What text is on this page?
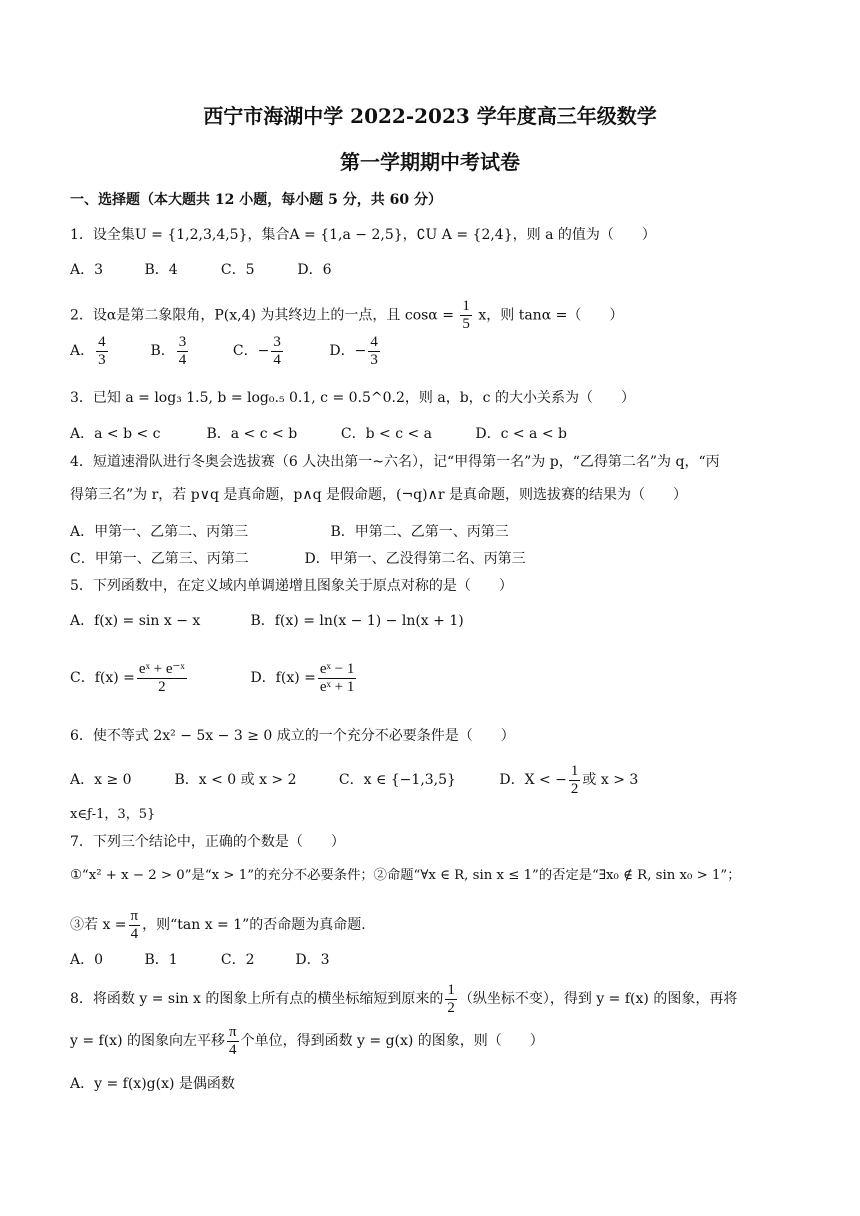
西宁市海湖中学 2022-2023 学年度高三年级数学
第一学期期中考试卷
一、选择题（本大题共 12 小题，每小题 5 分，共 60 分）
1．设全集U = {1,2,3,4,5}，集合A = {1,a − 2,5}，∁U A = {2,4}，则 a 的值为（　　）
A．3	B．4	C．5	D．6
2．设α是第二象限角，P(x,4) 为其终边上的一点，且 $\cos\alpha = \frac{1}{5}$ x，则 tanα =（　　）
A． $\frac{4}{3}$	B． $\frac{3}{4}$	C．− $\frac{3}{4}$	D．− $\frac{4}{3}$
3．已知 a = log₃ 1.5, b = log₀.₅ 0.1, c = 0.5^0.2，则 a，b，c 的大小关系为（　　）
A．a < b < c	B．a < c < b	C．b < c < a	D．c < a < b
4．短道速滑队进行冬奥会选拔赛（6 人决出第一~六名），记“甲得第一名”为 p，“乙得第二名”为 q，“丙
得第三名”为 r，若 p∨q 是真命题，p∧q 是假命题，(¬q)∧r 是真命题，则选拔赛的结果为（　　）
A．甲第一、乙第二、丙第三	B．甲第二、乙第一、丙第三
C．甲第一、乙第三、丙第二	D．甲第一、乙没得第二名、丙第三
5．下列函数中，在定义域内单调递增且图象关于原点对称的是（　　）
A．f(x) = sin x − x	B．f(x) = ln(x − 1) − ln(x + 1)
C．$f(x) = \frac{\text{eˣ + e⁻ˣ}}{2}$	D．$f(x) = \frac{\text{eˣ − 1}}{\text{eˣ + 1}}$
6．使不等式 2x² − 5x − 3 ≥ 0 成立的一个充分不必要条件是（　　）
A．x ≥ 0	B．x < 0 或 x > 2	C．x ∈ {−1,3,5}	D．X < − $\frac{1}{2}$ 或 x > 3
x∈ƒ-1，3，5}
7．下列三个结论中，正确的个数是（　　）
①“x² + x − 2 > 0”是“x > 1”的充分不必要条件；②命题“∀x ∈ R, sin x ≤ 1”的否定是“∃x₀ ∉ R, sin x₀ > 1”；
③若 $x = \frac{\pi}{4}$ ，则“tan x = 1”的否命题为真命题.
A．0	B．1	C．2	D．3
8．将函数 y = sin x 的图象上所有点的横坐标缩短到原来的 $\frac{1}{2}$ （纵坐标不变），得到 y = f(x) 的图象，再将
y = f(x) 的图象向左平移 $\frac{\pi}{4}$ 个单位，得到函数 y = g(x) 的图象，则（　　）
A．y = f(x)g(x) 是偶函数
